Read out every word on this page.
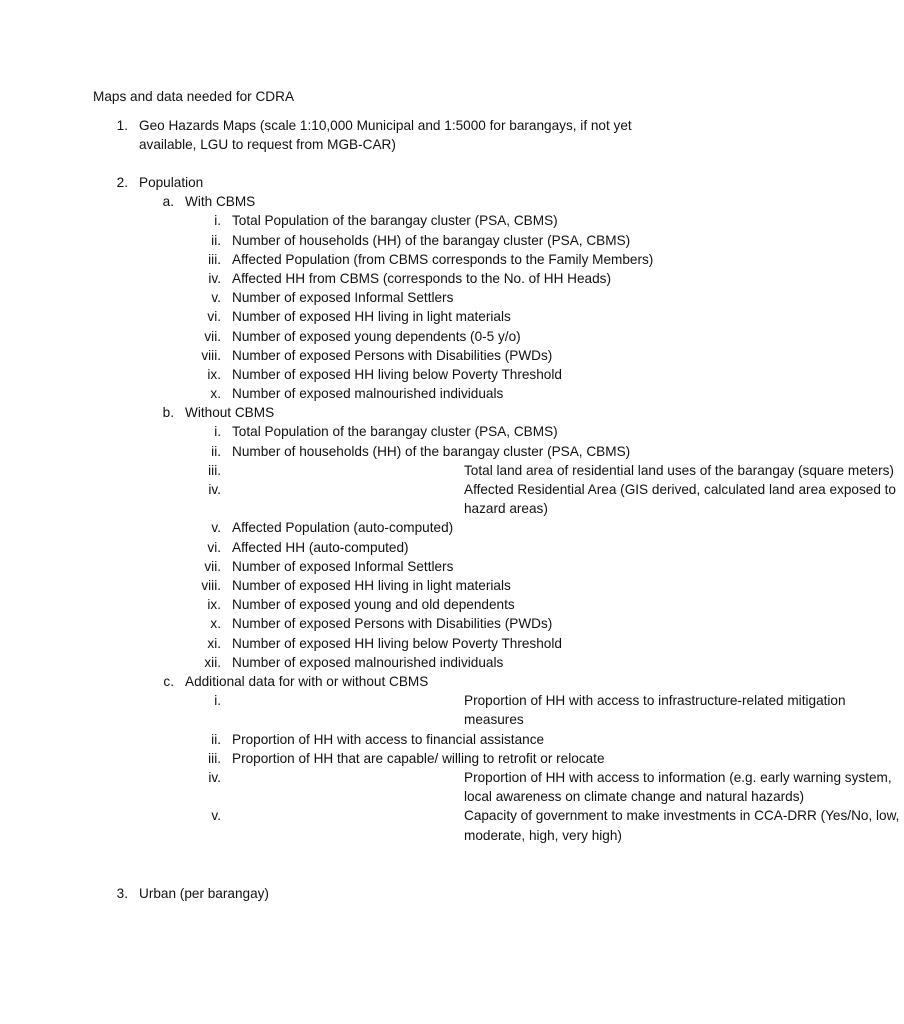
Maps and data needed for CDRA
1. Geo Hazards Maps (scale 1:10,000 Municipal and 1:5000 for barangays, if not yet available, LGU to request from MGB-CAR)
2. Population
a. With CBMS
i. Total Population of the barangay cluster (PSA, CBMS)
ii. Number of households (HH) of the barangay cluster (PSA, CBMS)
iii. Affected Population (from CBMS corresponds to the Family Members)
iv. Affected HH from CBMS (corresponds to the No. of HH Heads)
v. Number of exposed Informal Settlers
vi. Number of exposed HH living in light materials
vii. Number of exposed young dependents (0-5 y/o)
viii. Number of exposed Persons with Disabilities (PWDs)
ix. Number of exposed HH living below Poverty Threshold
x. Number of exposed malnourished individuals
b. Without CBMS
i. Total Population of the barangay cluster (PSA, CBMS)
ii. Number of households (HH) of the barangay cluster (PSA, CBMS)
iii.	Total land area of residential land uses of the barangay (square meters)
iv.	Affected Residential Area (GIS derived, calculated land area exposed to hazard areas)
v. Affected Population (auto-computed)
vi. Affected HH (auto-computed)
vii. Number of exposed Informal Settlers
viii. Number of exposed HH living in light materials
ix. Number of exposed young and old dependents
x. Number of exposed Persons with Disabilities (PWDs)
xi. Number of exposed HH living below Poverty Threshold
xii. Number of exposed malnourished individuals
c. Additional data for with or without CBMS
i.	Proportion of HH with access to infrastructure-related mitigation measures
ii. Proportion of HH with access to financial assistance
iii. Proportion of HH that are capable/ willing to retrofit or relocate
iv.	Proportion of HH with access to information (e.g. early warning system, local awareness on climate change and natural hazards)
v.	Capacity of government to make investments in CCA-DRR (Yes/No, low, moderate, high, very high)
3. Urban (per barangay)
